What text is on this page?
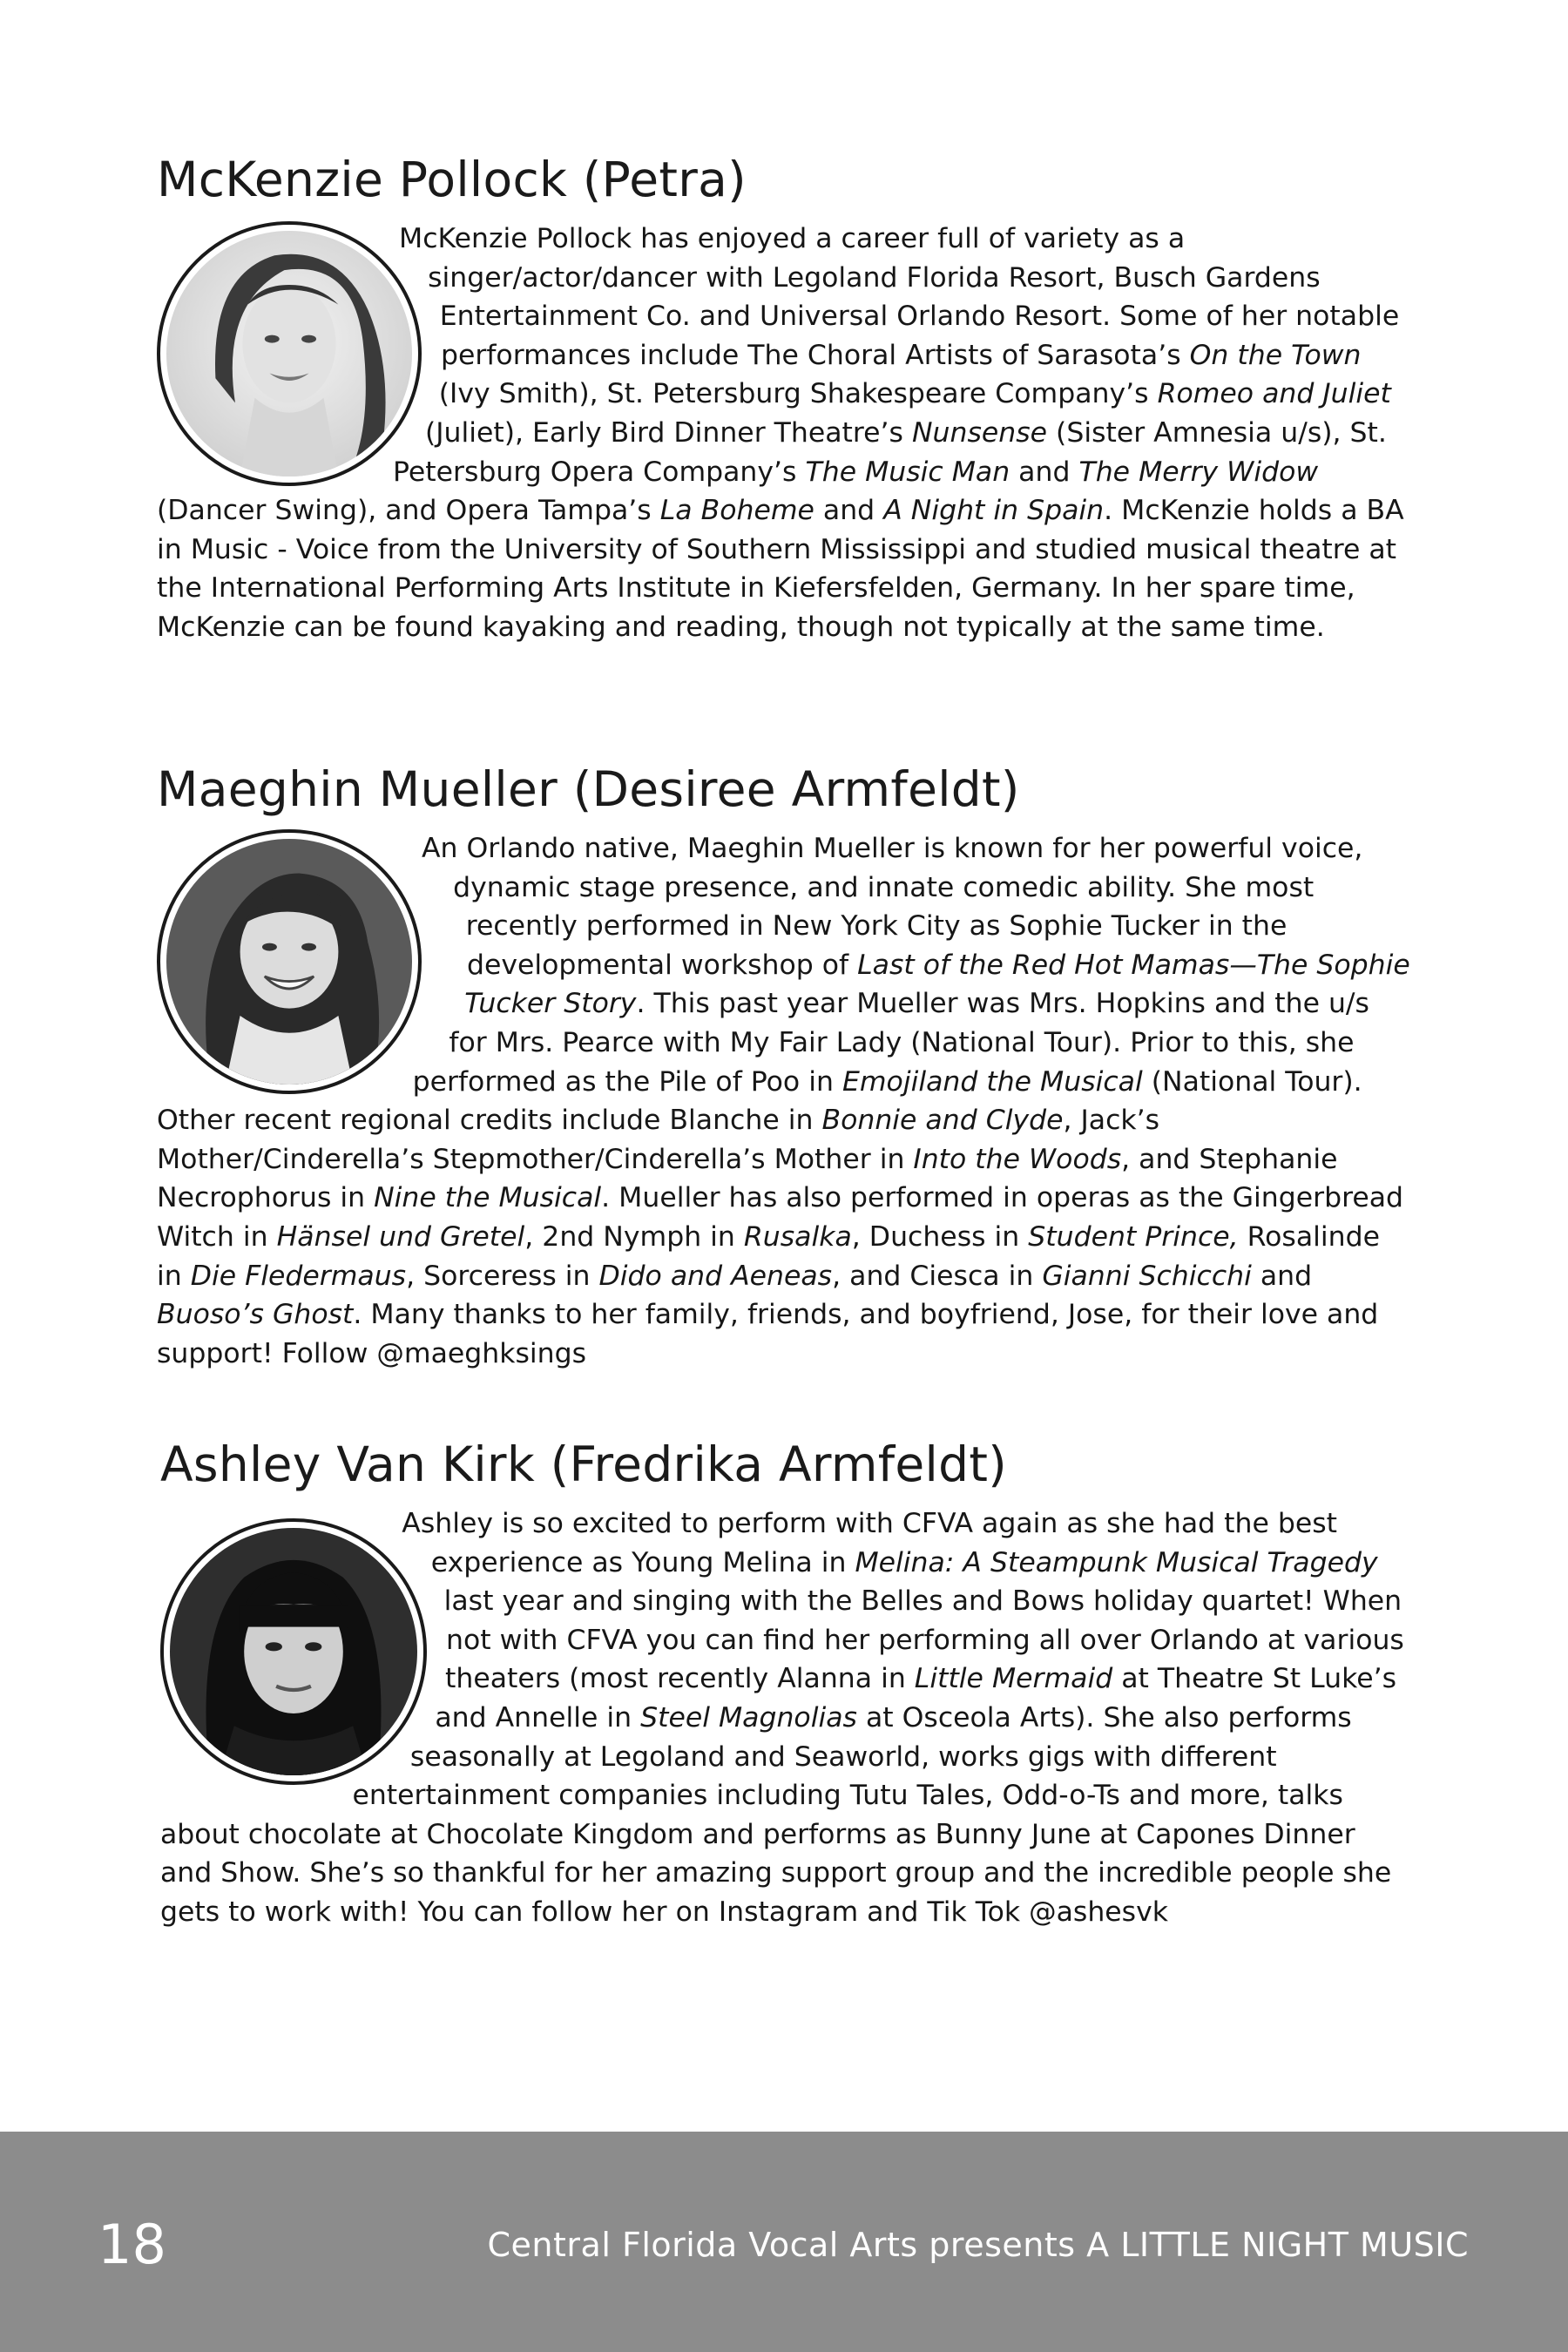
McKenzie Pollock (Petra)

McKenzie Pollock has enjoyed a career full of variety as a singer/actor/dancer with Legoland Florida Resort, Busch Gardens Entertainment Co. and Universal Orlando Resort. Some of her notable performances include The Choral Artists of Sarasota’s On the Town (Ivy Smith), St. Petersburg Shakespeare Company’s Romeo and Juliet (Juliet), Early Bird Dinner Theatre’s Nunsense (Sister Amnesia u/s), St. Petersburg Opera Company’s The Music Man and The Merry Widow (Dancer Swing), and Opera Tampa’s La Boheme and A Night in Spain. McKenzie holds a BA in Music - Voice from the University of Southern Mississippi and studied musical theatre at the International Performing Arts Institute in Kiefersfelden, Germany. In her spare time, McKenzie can be found kayaking and reading, though not typically at the same time.

Maeghin Mueller (Desiree Armfeldt)

An Orlando native, Maeghin Mueller is known for her powerful voice, dynamic stage presence, and innate comedic ability. She most recently performed in New York City as Sophie Tucker in the developmental workshop of Last of the Red Hot Mamas—The Sophie Tucker Story. This past year Mueller was Mrs. Hopkins and the u/s for Mrs. Pearce with My Fair Lady (National Tour). Prior to this, she performed as the Pile of Poo in Emojiland the Musical (National Tour). Other recent regional credits include Blanche in Bonnie and Clyde, Jack’s Mother/Cinderella’s Stepmother/Cinderella’s Mother in Into the Woods, and Stephanie Necrophorus in Nine the Musical. Mueller has also performed in operas as the Gingerbread Witch in Hänsel und Gretel, 2nd Nymph in Rusalka, Duchess in Student Prince, Rosalinde in Die Fledermaus, Sorceress in Dido and Aeneas, and Ciesca in Gianni Schicchi and Buoso’s Ghost. Many thanks to her family, friends, and boyfriend, Jose, for their love and support! Follow @maeghksings

Ashley Van Kirk (Fredrika Armfeldt)

Ashley is so excited to perform with CFVA again as she had the best experience as Young Melina in Melina: A Steampunk Musical Tragedy last year and singing with the Belles and Bows holiday quartet! When not with CFVA you can find her performing all over Orlando at various theaters (most recently Alanna in Little Mermaid at Theatre St Luke’s and Annelle in Steel Magnolias at Osceola Arts). She also performs seasonally at Legoland and Seaworld, works gigs with different entertainment companies including Tutu Tales, Odd-o-Ts and more, talks about chocolate at Chocolate Kingdom and performs as Bunny June at Capones Dinner and Show. She’s so thankful for her amazing support group and the incredible people she gets to work with! You can follow her on Instagram and Tik Tok @ashesvk

18	Central Florida Vocal Arts presents A LITTLE NIGHT MUSIC
